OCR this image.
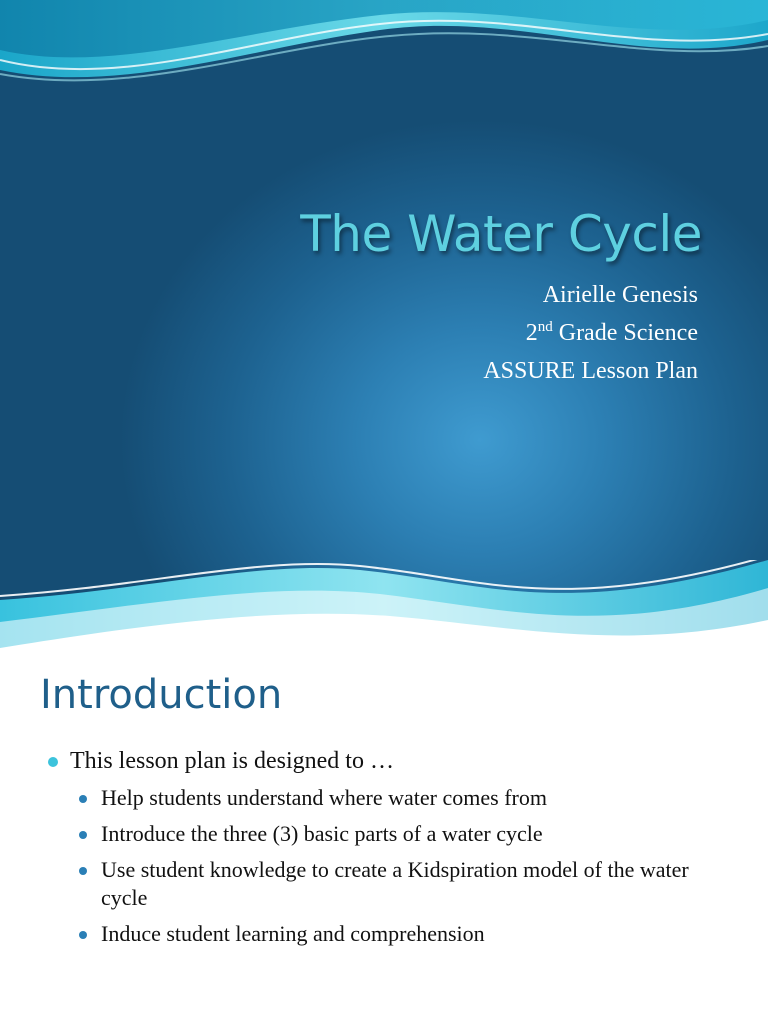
The Water Cycle
Airielle Genesis
2nd Grade Science
ASSURE Lesson Plan
Introduction
This lesson plan is designed to …
Help students understand where water comes from
Introduce the three (3) basic parts of a water cycle
Use student knowledge to create a Kidspiration model of the water cycle
Induce student learning and comprehension
